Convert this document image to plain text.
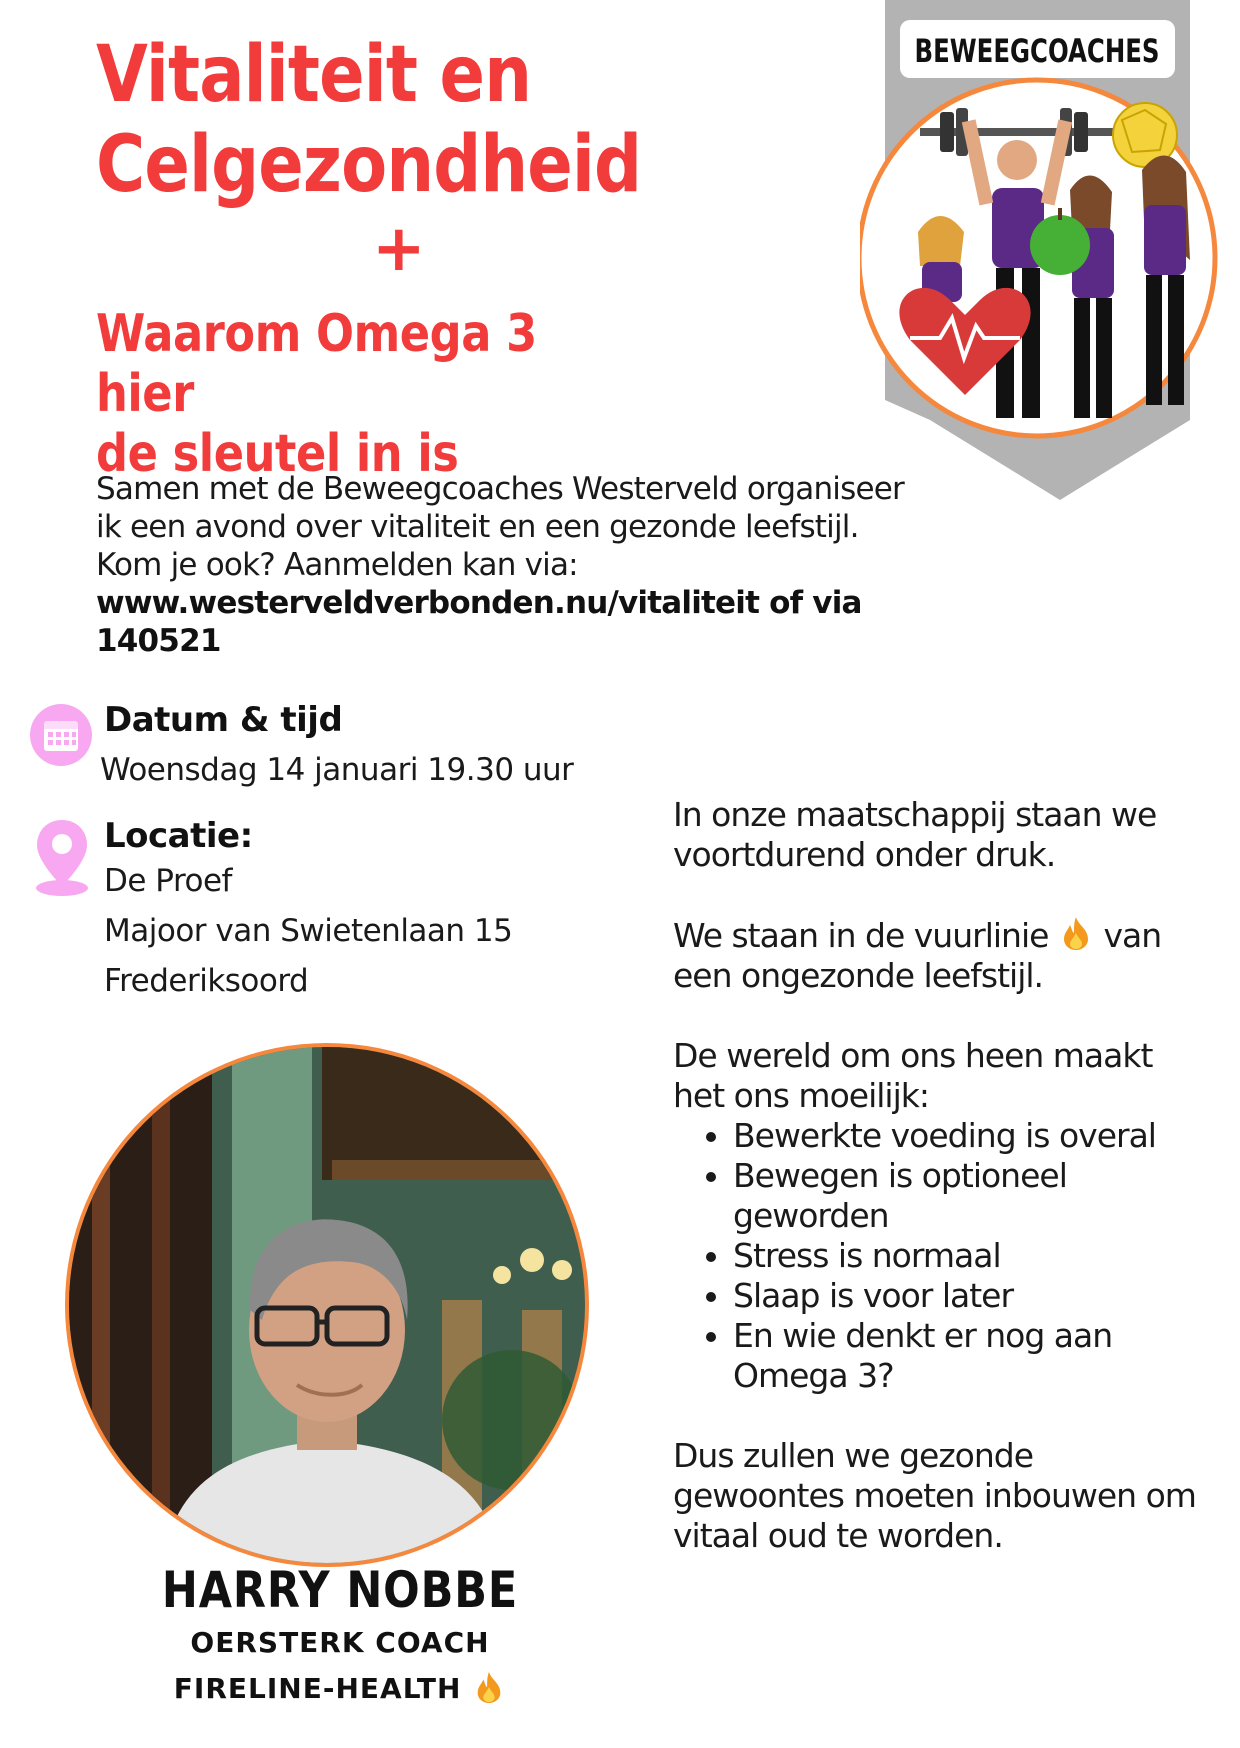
Vitaliteit en
Celgezondheid
+
Waarom Omega 3 hier
de sleutel in is
BEWEEGCOACHES
Samen met de Beweegcoaches Westerveld organiseer
ik een avond over vitaliteit en een gezonde leefstijl.
Kom je ook? Aanmelden kan via:
www.westerveldverbonden.nu/vitaliteit of via 140521
Datum & tijd
Woensdag 14 januari 19.30 uur
Locatie:
De Proef
Majoor van Swietenlaan 15
Frederiksoord

In onze maatschappij staan we voortdurend onder druk.

We staan in de vuurlinie van een ongezonde leefstijl.

De wereld om ons heen maakt het ons moeilijk:

• Bewerkte voeding is overal
• Bewegen is optioneel geworden
• Stress is normaal
• Slaap is voor later
• En wie denkt er nog aan Omega 3?

Dus zullen we gezonde gewoontes moeten inbouwen om vitaal oud te worden.

HARRY NOBBE
OERSTERK COACH
FIRELINE-HEALTH
